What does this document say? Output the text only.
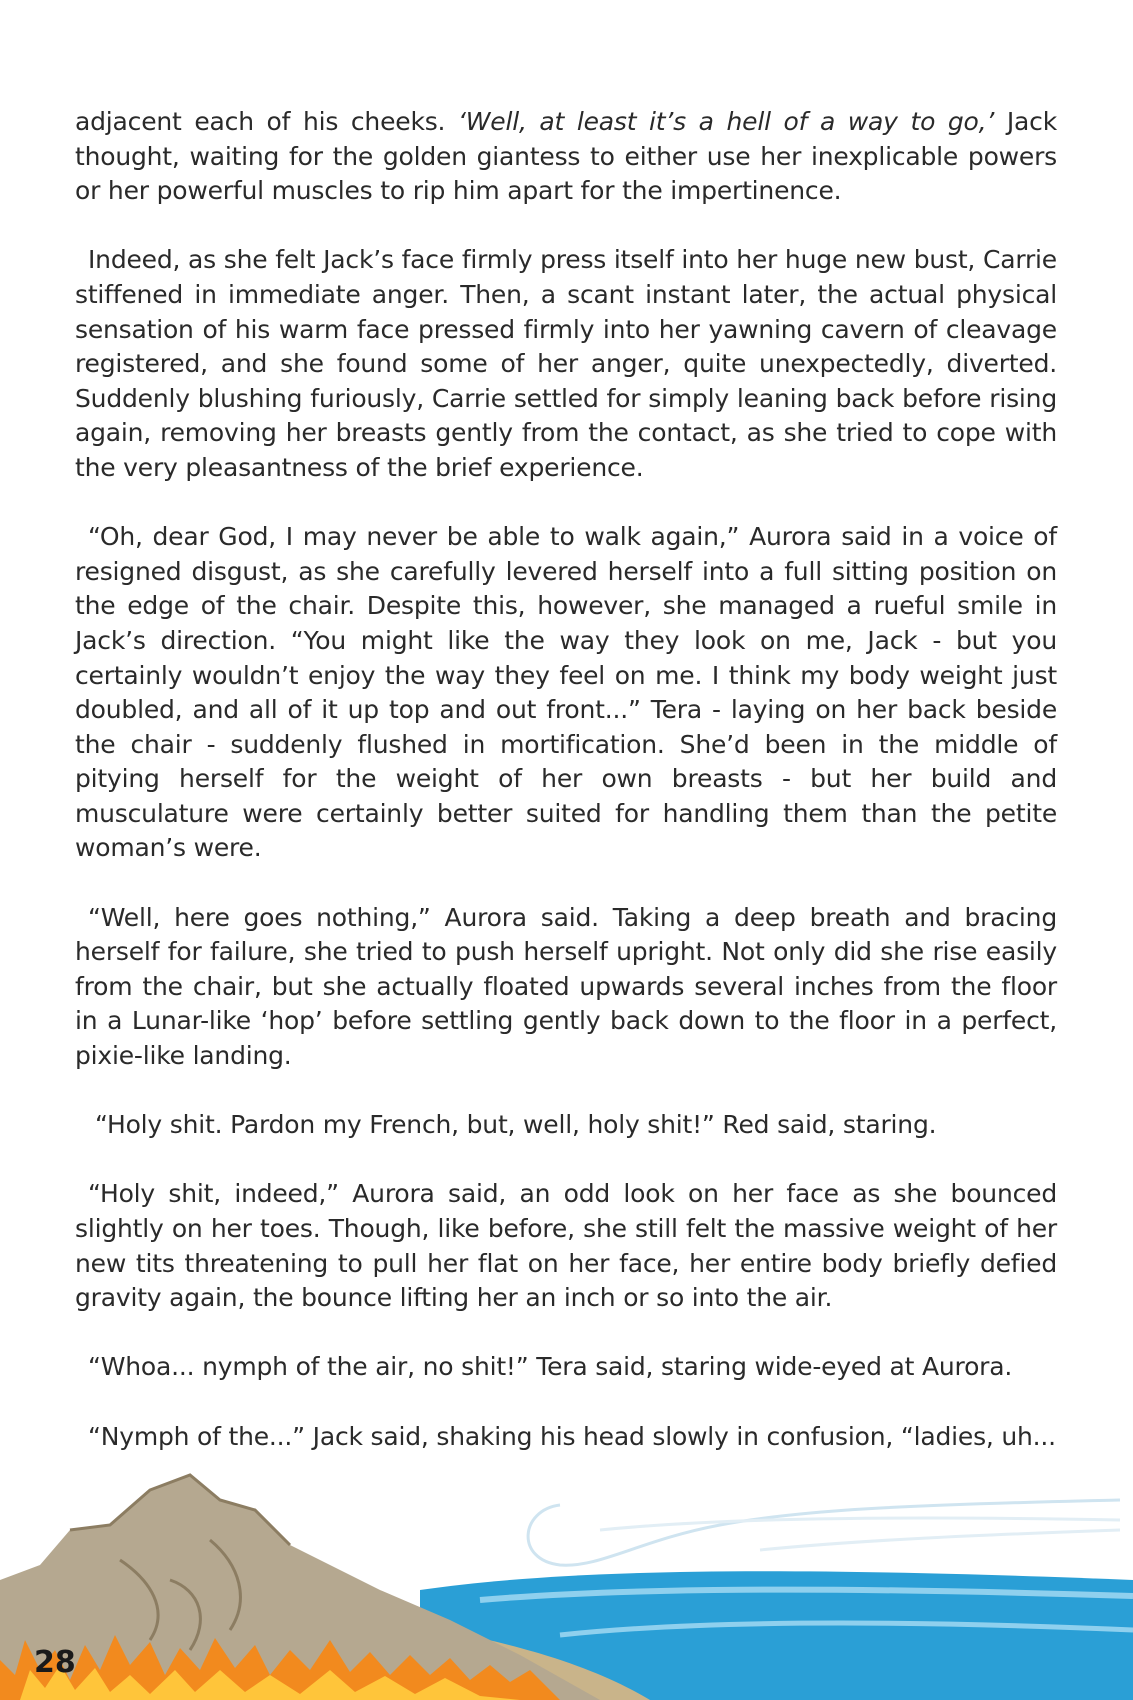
adjacent each of his cheeks. ‘Well, at least it’s a hell of a way to go,’ Jack thought, waiting for the golden giantess to either use her inexplicable powers or her powerful muscles to rip him apart for the impertinence.

Indeed, as she felt Jack’s face firmly press itself into her huge new bust, Carrie stiffened in immediate anger. Then, a scant instant later, the actual physical sensation of his warm face pressed firmly into her yawning cavern of cleavage registered, and she found some of her anger, quite unexpectedly, diverted. Suddenly blushing furiously, Carrie settled for simply leaning back before rising again, removing her breasts gently from the contact, as she tried to cope with the very pleasantness of the brief experience.

“Oh, dear God, I may never be able to walk again,” Aurora said in a voice of resigned disgust, as she carefully levered herself into a full sitting position on the edge of the chair. Despite this, however, she managed a rueful smile in Jack’s direction. “You might like the way they look on me, Jack - but you certainly wouldn’t enjoy the way they feel on me. I think my body weight just doubled, and all of it up top and out front...” Tera - laying on her back beside the chair - suddenly flushed in mortification. She’d been in the middle of pitying herself for the weight of her own breasts - but her build and musculature were certainly better suited for handling them than the petite woman’s were.

“Well, here goes nothing,” Aurora said. Taking a deep breath and bracing herself for failure, she tried to push herself upright. Not only did she rise easily from the chair, but she actually floated upwards several inches from the floor in a Lunar-like ‘hop’ before settling gently back down to the floor in a perfect, pixie-like landing.

“Holy shit. Pardon my French, but, well, holy shit!” Red said, staring.

“Holy shit, indeed,” Aurora said, an odd look on her face as she bounced slightly on her toes. Though, like before, she still felt the massive weight of her new tits threatening to pull her flat on her face, her entire body briefly defied gravity again, the bounce lifting her an inch or so into the air.

“Whoa... nymph of the air, no shit!” Tera said, staring wide-eyed at Aurora.

“Nymph of the...” Jack said, shaking his head slowly in confusion, “ladies, uh...

28
